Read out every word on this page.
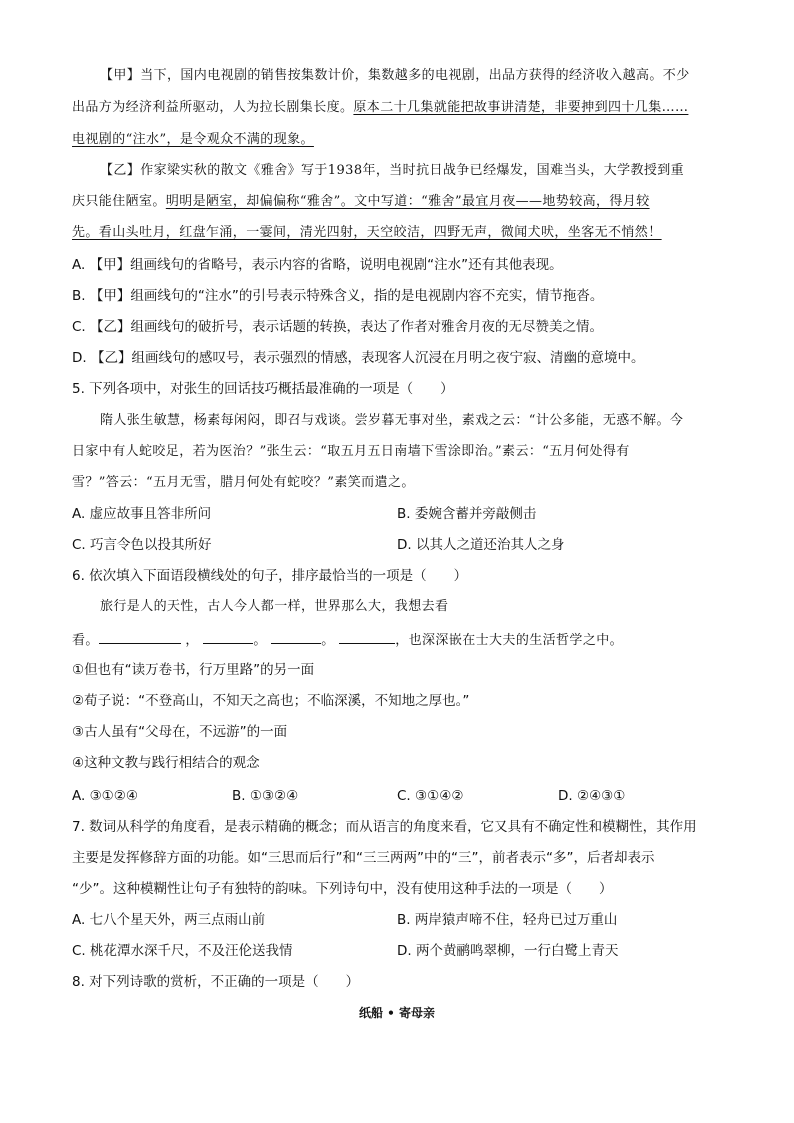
【甲】当下，国内电视剧的销售按集数计价，集数越多的电视剧，出品方获得的经济收入越高。不少
出品方为经济利益所驱动，人为拉长剧集长度。原本二十几集就能把故事讲清楚，非要抻到四十几集……
电视剧的“注水”，是令观众不满的现象。
【乙】作家梁实秋的散文《雅舍》写于1938年，当时抗日战争已经爆发，国难当头，大学教授到重
庆只能住陋室。明明是陋室，却偏偏称“雅舍”。文中写道：“雅舍”最宜月夜——地势较高，得月较
先。看山头吐月，红盘乍涌，一霎间，清光四射，天空皎洁，四野无声，微闻犬吠，坐客无不悄然！
A. 【甲】组画线句的省略号，表示内容的省略，说明电视剧“注水”还有其他表现。
B. 【甲】组画线句的“注水”的引号表示特殊含义，指的是电视剧内容不充实，情节拖沓。
C. 【乙】组画线句的破折号，表示话题的转换，表达了作者对雅舍月夜的无尽赞美之情。
D. 【乙】组画线句的感叹号，表示强烈的情感，表现客人沉浸在月明之夜宁寂、清幽的意境中。
5. 下列各项中，对张生的回话技巧概括最准确的一项是（　　）
隋人张生敏慧，杨素每闲闷，即召与戏谈。尝岁暮无事对坐，素戏之云：“计公多能，无惑不解。今
日家中有人蛇咬足，若为医治？”张生云：“取五月五日南墙下雪涂即治。”素云：“五月何处得有
雪？”答云：“五月无雪，腊月何处有蛇咬？”素笑而遣之。
A. 虚应故事且答非所问	B. 委婉含蓄并旁敲侧击
C. 巧言令色以投其所好	D. 以其人之道还治其人之身
6. 依次填入下面语段横线处的句子，排序最恰当的一项是（　　）
旅行是人的天性，古人今人都一样，世界那么大，我想去看
看。	，	。	。	，也深深嵌在士大夫的生活哲学之中。
①但也有“读万卷书，行万里路”的另一面
②荀子说：“不登高山，不知天之高也；不临深溪，不知地之厚也。”
③古人虽有“父母在，不远游”的一面
④这种文教与践行相结合的观念
A. ③①②④	B. ①③②④	C. ③①④②	D. ②④③①
7. 数词从科学的角度看，是表示精确的概念；而从语言的角度来看，它又具有不确定性和模糊性，其作用
主要是发挥修辞方面的功能。如“三思而后行”和“三三两两”中的“三”，前者表示“多”，后者却表示
“少”。这种模糊性让句子有独特的韵味。下列诗句中，没有使用这种手法的一项是（　　）
A. 七八个星天外，两三点雨山前	B. 两岸猿声啼不住，轻舟已过万重山
C. 桃花潭水深千尺，不及汪伦送我情	D. 两个黄鹂鸣翠柳，一行白鹭上青天
8. 对下列诗歌的赏析，不正确的一项是（　　）
纸船 • 寄母亲
